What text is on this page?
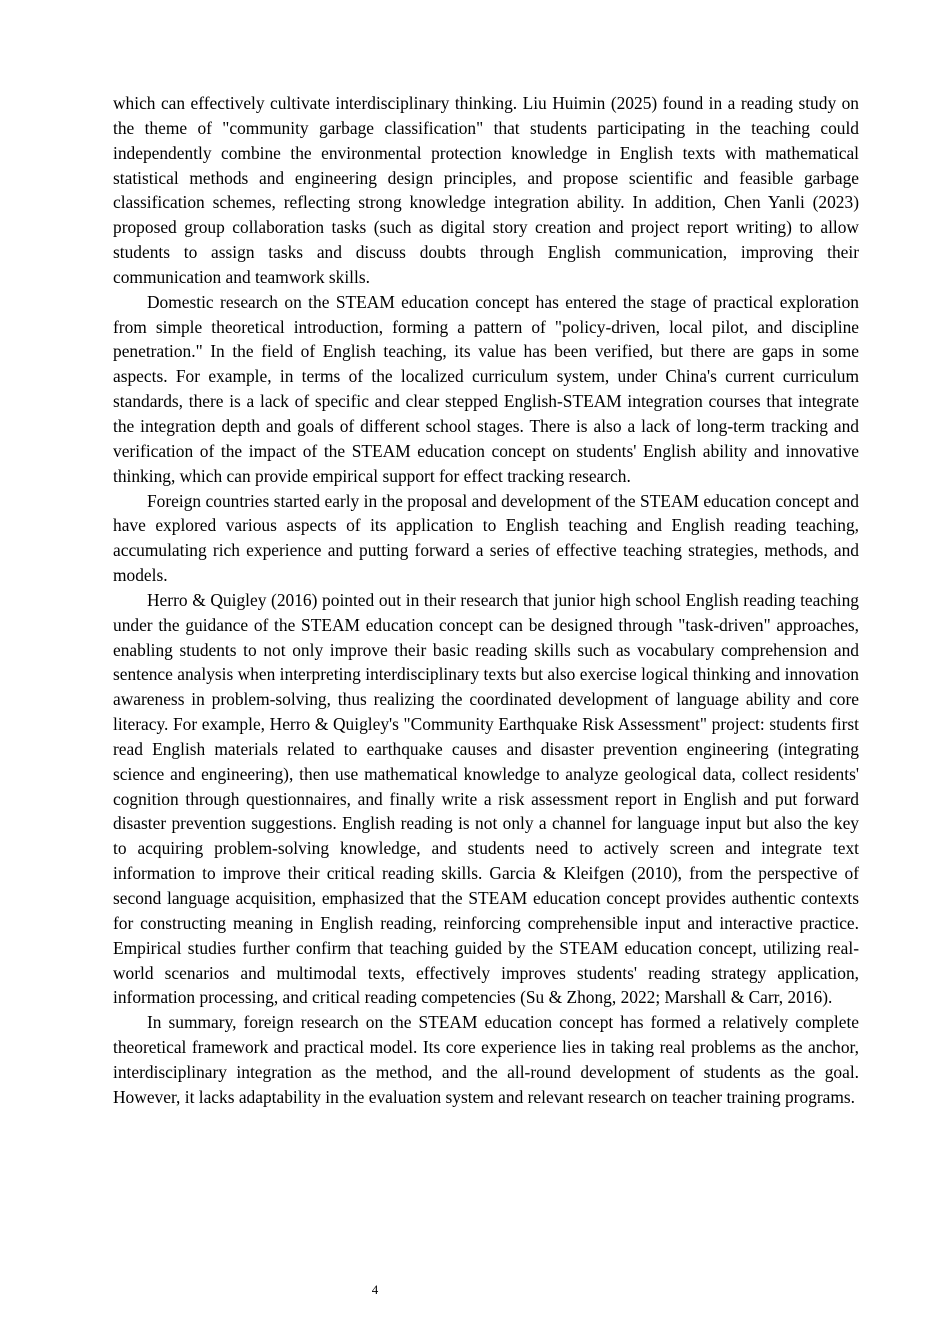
which can effectively cultivate interdisciplinary thinking. Liu Huimin (2025) found in a reading study on the theme of "community garbage classification" that students participating in the teaching could independently combine the environmental protection knowledge in English texts with mathematical statistical methods and engineering design principles, and propose scientific and feasible garbage classification schemes, reflecting strong knowledge integration ability. In addition, Chen Yanli (2023) proposed group collaboration tasks (such as digital story creation and project report writing) to allow students to assign tasks and discuss doubts through English communication, improving their communication and teamwork skills.

Domestic research on the STEAM education concept has entered the stage of practical exploration from simple theoretical introduction, forming a pattern of "policy-driven, local pilot, and discipline penetration." In the field of English teaching, its value has been verified, but there are gaps in some aspects. For example, in terms of the localized curriculum system, under China's current curriculum standards, there is a lack of specific and clear stepped English-STEAM integration courses that integrate the integration depth and goals of different school stages. There is also a lack of long-term tracking and verification of the impact of the STEAM education concept on students' English ability and innovative thinking, which can provide empirical support for effect tracking research.

Foreign countries started early in the proposal and development of the STEAM education concept and have explored various aspects of its application to English teaching and English reading teaching, accumulating rich experience and putting forward a series of effective teaching strategies, methods, and models.

Herro & Quigley (2016) pointed out in their research that junior high school English reading teaching under the guidance of the STEAM education concept can be designed through "task-driven" approaches, enabling students to not only improve their basic reading skills such as vocabulary comprehension and sentence analysis when interpreting interdisciplinary texts but also exercise logical thinking and innovation awareness in problem-solving, thus realizing the coordinated development of language ability and core literacy. For example, Herro & Quigley's "Community Earthquake Risk Assessment" project: students first read English materials related to earthquake causes and disaster prevention engineering (integrating science and engineering), then use mathematical knowledge to analyze geological data, collect residents' cognition through questionnaires, and finally write a risk assessment report in English and put forward disaster prevention suggestions. English reading is not only a channel for language input but also the key to acquiring problem-solving knowledge, and students need to actively screen and integrate text information to improve their critical reading skills. Garcia & Kleifgen (2010), from the perspective of second language acquisition, emphasized that the STEAM education concept provides authentic contexts for constructing meaning in English reading, reinforcing comprehensible input and interactive practice. Empirical studies further confirm that teaching guided by the STEAM education concept, utilizing real-world scenarios and multimodal texts, effectively improves students' reading strategy application, information processing, and critical reading competencies (Su & Zhong, 2022; Marshall & Carr, 2016).

In summary, foreign research on the STEAM education concept has formed a relatively complete theoretical framework and practical model. Its core experience lies in taking real problems as the anchor, interdisciplinary integration as the method, and the all-round development of students as the goal. However, it lacks adaptability in the evaluation system and relevant research on teacher training programs.

4
